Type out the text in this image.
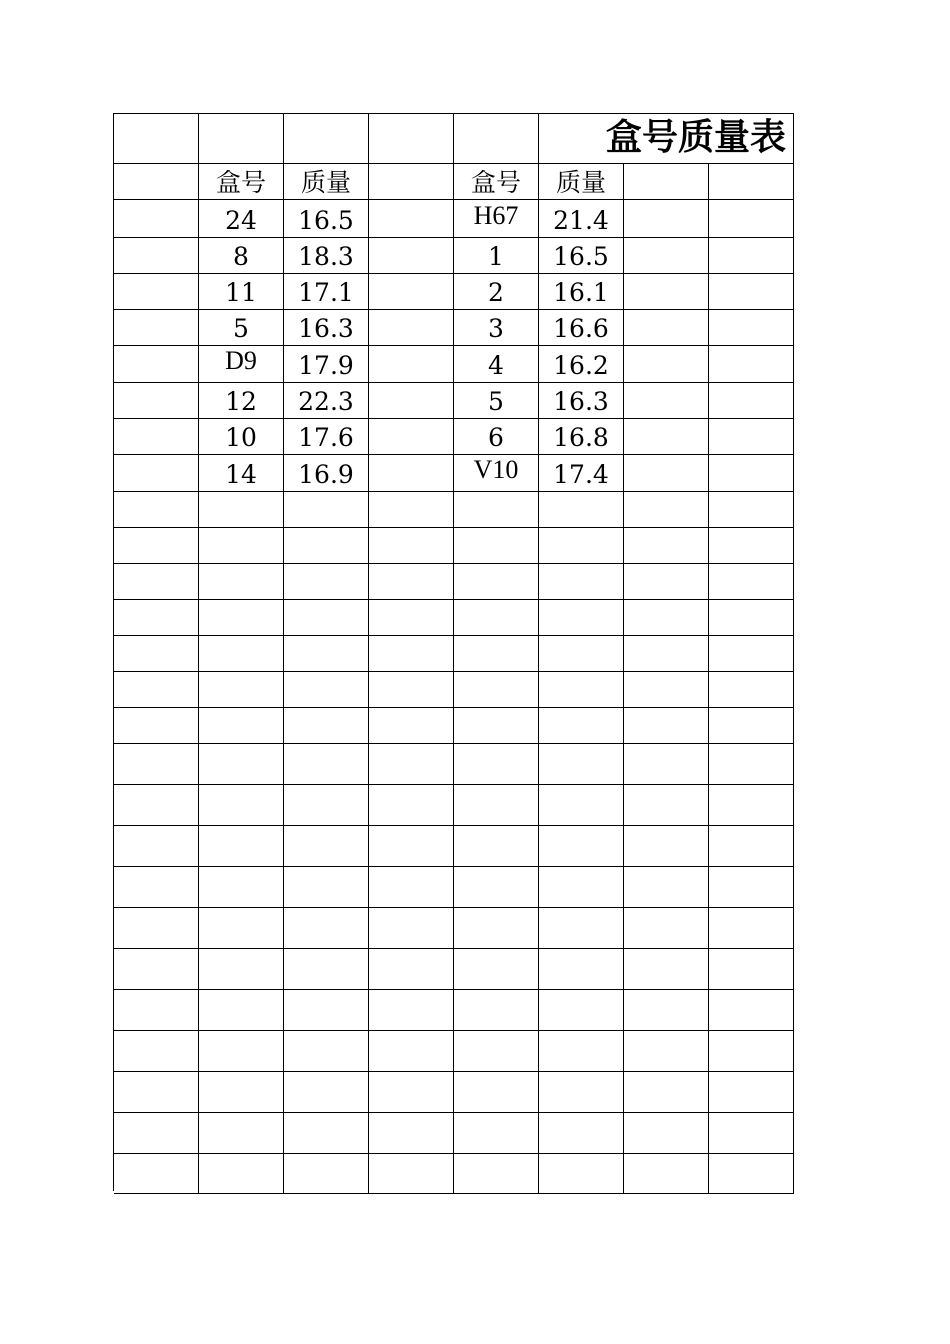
盒号质量表
盒号	质量	盒号	质量
24	16.5	H67	21.4
8	18.3	1	16.5
11	17.1	2	16.1
5	16.3	3	16.6
D9	17.9	4	16.2
12	22.3	5	16.3
10	17.6	6	16.8
14	16.9	V10	17.4
